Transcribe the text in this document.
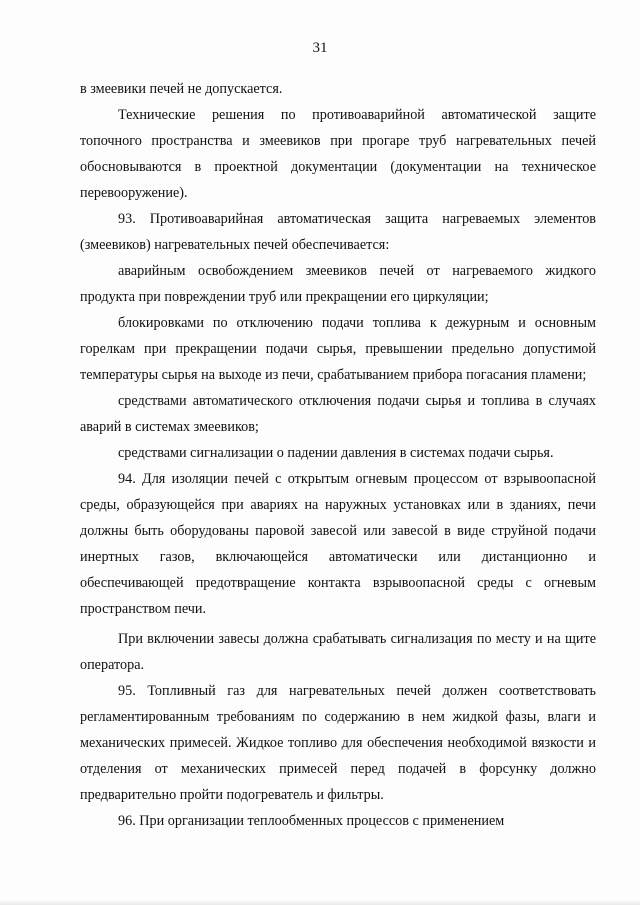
31

в змеевики печей не допускается.

Технические решения по противоаварийной автоматической защите топочного пространства и змеевиков при прогаре труб нагревательных печей обосновываются в проектной документации (документации на техническое перевооружение).

93. Противоаварийная автоматическая защита нагреваемых элементов (змеевиков) нагревательных печей обеспечивается:

аварийным освобождением змеевиков печей от нагреваемого жидкого продукта при повреждении труб или прекращении его циркуляции;

блокировками по отключению подачи топлива к дежурным и основным горелкам при прекращении подачи сырья, превышении предельно допустимой температуры сырья на выходе из печи, срабатыванием прибора погасания пламени;

средствами автоматического отключения подачи сырья и топлива в случаях аварий в системах змеевиков;

средствами сигнализации о падении давления в системах подачи сырья.

94. Для изоляции печей с открытым огневым процессом от взрывоопасной среды, образующейся при авариях на наружных установках или в зданиях, печи должны быть оборудованы паровой завесой или завесой в виде струйной подачи инертных газов, включающейся автоматически или дистанционно и обеспечивающей предотвращение контакта взрывоопасной среды с огневым пространством печи.

При включении завесы должна срабатывать сигнализация по месту и на щите оператора.

95. Топливный газ для нагревательных печей должен соответствовать регламентированным требованиям по содержанию в нем жидкой фазы, влаги и механических примесей. Жидкое топливо для обеспечения необходимой вязкости и отделения от механических примесей перед подачей в форсунку должно предварительно пройти подогреватель и фильтры.

96. При организации теплообменных процессов с применением
